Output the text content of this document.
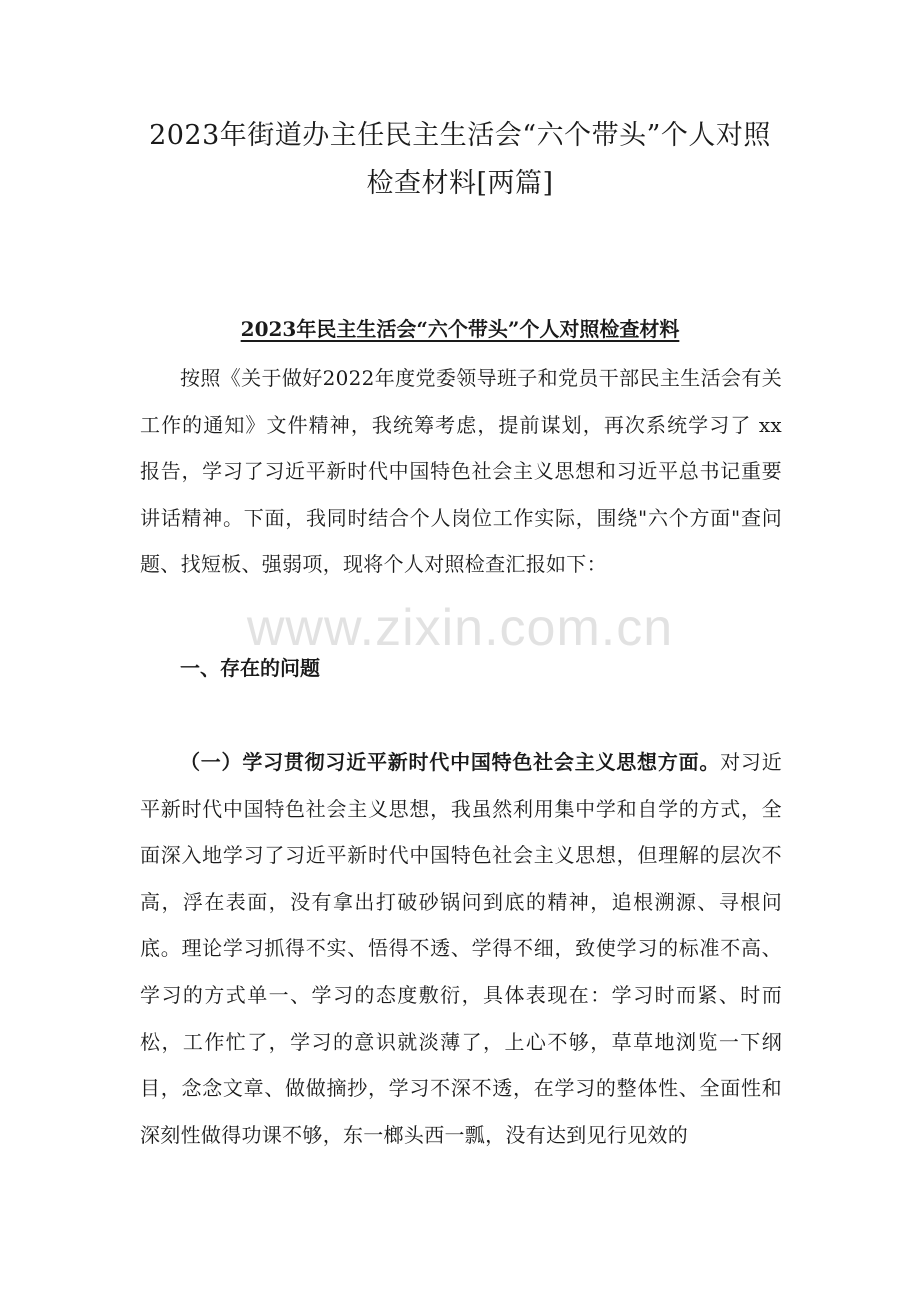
2023年街道办主任民主生活会“六个带头”个人对照
检查材料[两篇]
2023年民主生活会“六个带头”个人对照检查材料

按照《关于做好2022年度党委领导班子和党员干部民主生活会有关工作的通知》文件精神，我统筹考虑，提前谋划，再次系统学习了 xx 报告，学习了习近平新时代中国特色社会主义思想和习近平总书记重要讲话精神。下面，我同时结合个人岗位工作实际，围绕"六个方面"查问题、找短板、强弱项，现将个人对照检查汇报如下：

www.zixin.com.cn
一、存在的问题

（一）学习贯彻习近平新时代中国特色社会主义思想方面。对习近平新时代中国特色社会主义思想，我虽然利用集中学和自学的方式，全面深入地学习了习近平新时代中国特色社会主义思想，但理解的层次不高，浮在表面，没有拿出打破砂锅问到底的精神，追根溯源、寻根问底。理论学习抓得不实、悟得不透、学得不细，致使学习的标准不高、学习的方式单一、学习的态度敷衍，具体表现在：学习时而紧、时而松，工作忙了，学习的意识就淡薄了，上心不够，草草地浏览一下纲目，念念文章、做做摘抄，学习不深不透，在学习的整体性、全面性和深刻性做得功课不够，东一榔头西一瓢，没有达到见行见效的
